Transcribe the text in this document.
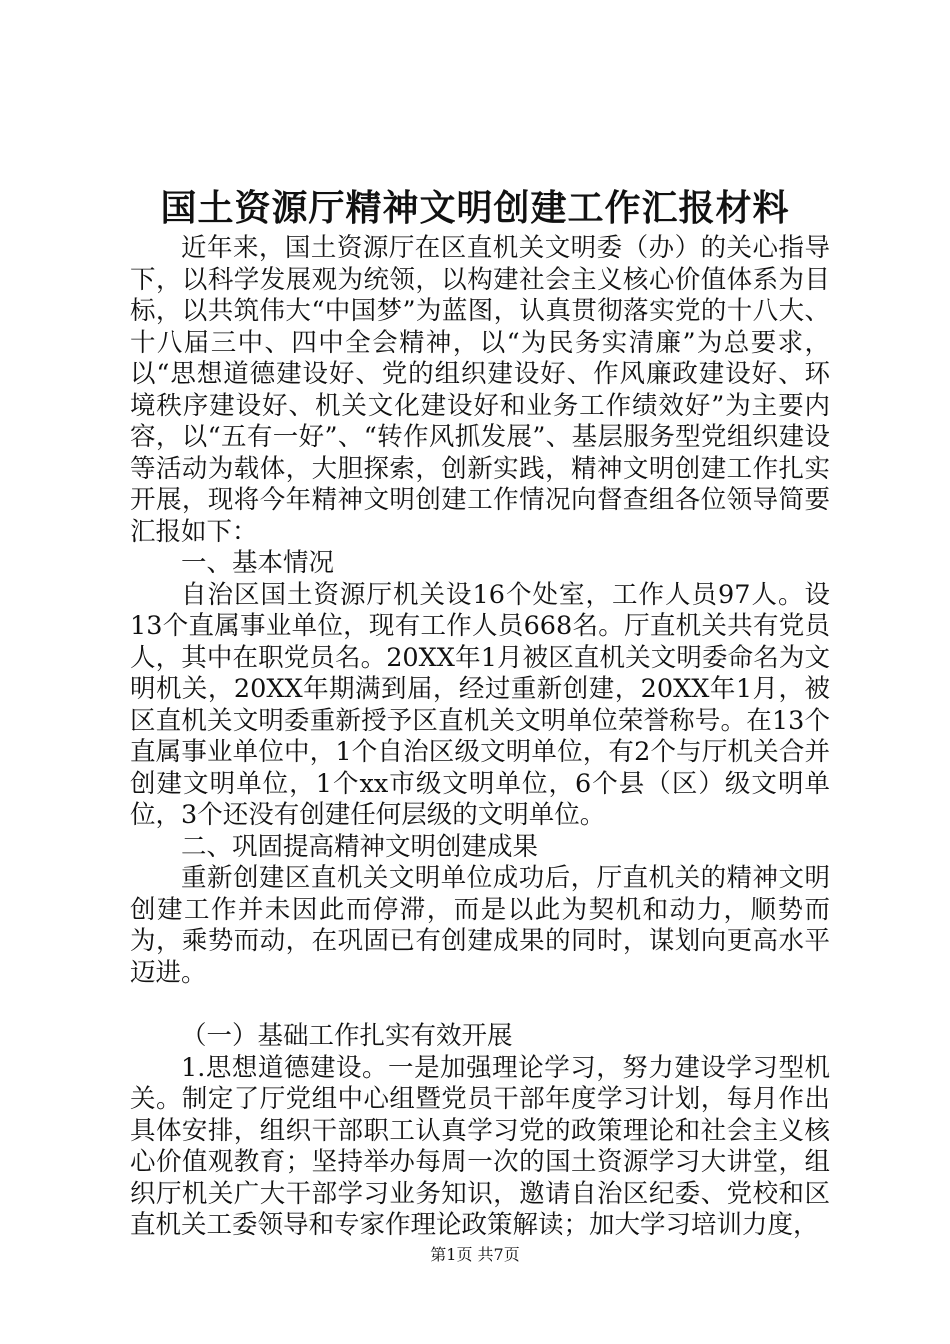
国土资源厅精神文明创建工作汇报材料

近年来，国土资源厅在区直机关文明委（办）的关心指导下，以科学发展观为统领，以构建社会主义核心价值体系为目标，以共筑伟大“中国梦”为蓝图，认真贯彻落实党的十八大、十八届三中、四中全会精神，以“为民务实清廉”为总要求，以“思想道德建设好、党的组织建设好、作风廉政建设好、环境秩序建设好、机关文化建设好和业务工作绩效好”为主要内容，以“五有一好”、“转作风抓发展”、基层服务型党组织建设等活动为载体，大胆探索，创新实践，精神文明创建工作扎实开展，现将今年精神文明创建工作情况向督查组各位领导简要汇报如下：

一、基本情况

自治区国土资源厅机关设16个处室，工作人员97人。设13个直属事业单位，现有工作人员668名。厅直机关共有党员人，其中在职党员名。20XX年1月被区直机关文明委命名为文明机关，20XX年期满到届，经过重新创建，20XX年1月，被区直机关文明委重新授予区直机关文明单位荣誉称号。在13个直属事业单位中，1个自治区级文明单位，有2个与厅机关合并创建文明单位，1个xx市级文明单位，6个县（区）级文明单位，3个还没有创建任何层级的文明单位。

二、巩固提高精神文明创建成果

重新创建区直机关文明单位成功后，厅直机关的精神文明创建工作并未因此而停滞，而是以此为契机和动力，顺势而为，乘势而动，在巩固已有创建成果的同时，谋划向更高水平迈进。

（一）基础工作扎实有效开展

1.思想道德建设。一是加强理论学习，努力建设学习型机关。制定了厅党组中心组暨党员干部年度学习计划，每月作出具体安排，组织干部职工认真学习党的政策理论和社会主义核心价值观教育；坚持举办每周一次的国土资源学习大讲堂，组织厅机关广大干部学习业务知识，邀请自治区纪委、党校和区直机关工委领导和专家作理论政策解读；加大学习培训力度，

第1页 共7页
